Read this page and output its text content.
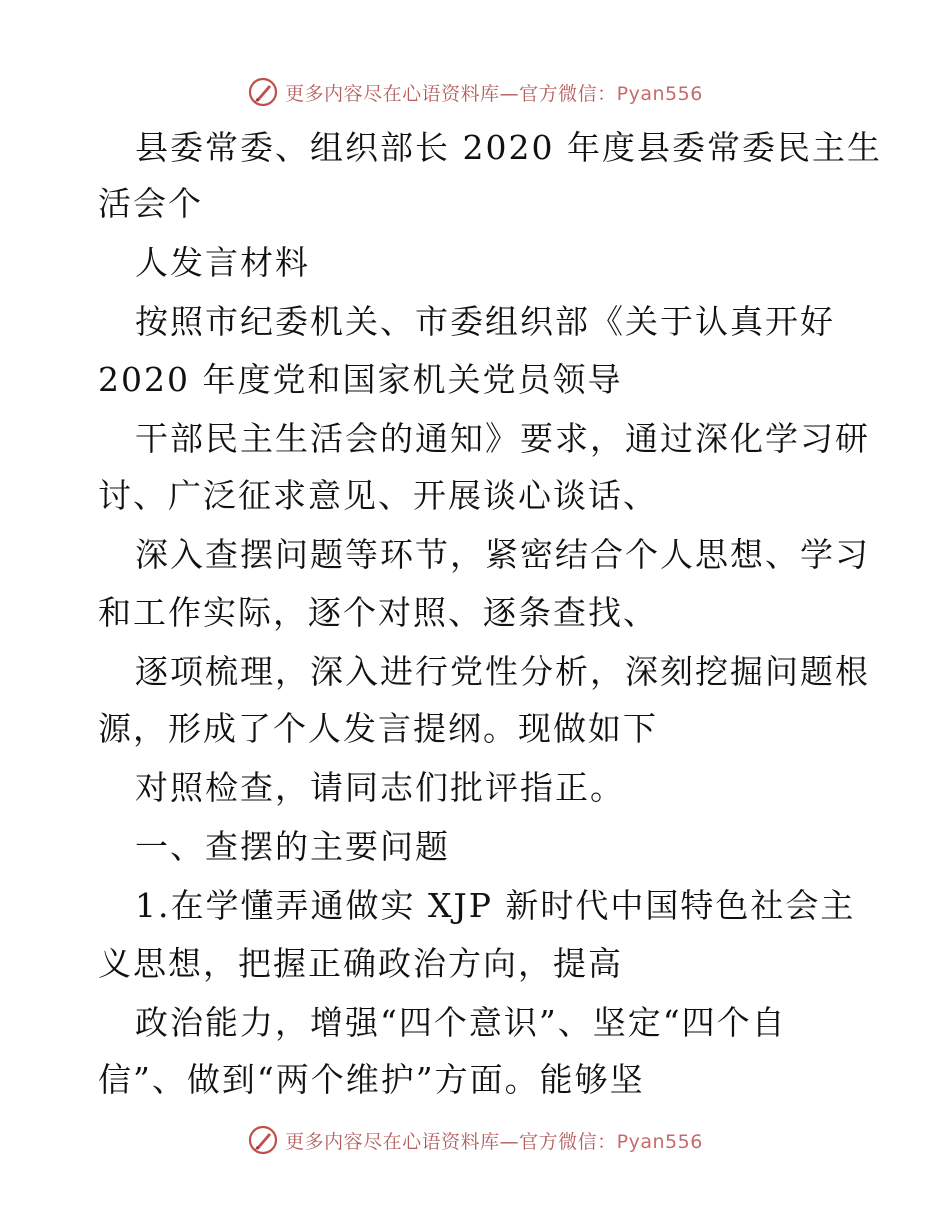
更多内容尽在心语资料库—官方微信：Pyan556
县委常委、组织部长 2020 年度县委常委民主生
活会个
人发言材料
按照市纪委机关、市委组织部《关于认真开好
2020 年度党和国家机关党员领导
干部民主生活会的通知》要求，通过深化学习研
讨、广泛征求意见、开展谈心谈话、
深入查摆问题等环节，紧密结合个人思想、学习
和工作实际，逐个对照、逐条查找、
逐项梳理，深入进行党性分析，深刻挖掘问题根
源，形成了个人发言提纲。现做如下
对照检查，请同志们批评指正。
一、查摆的主要问题
1.在学懂弄通做实 XJP 新时代中国特色社会主
义思想，把握正确政治方向，提高
政治能力，增强“四个意识”、坚定“四个自
信”、做到“两个维护”方面。能够坚
更多内容尽在心语资料库—官方微信：Pyan556
